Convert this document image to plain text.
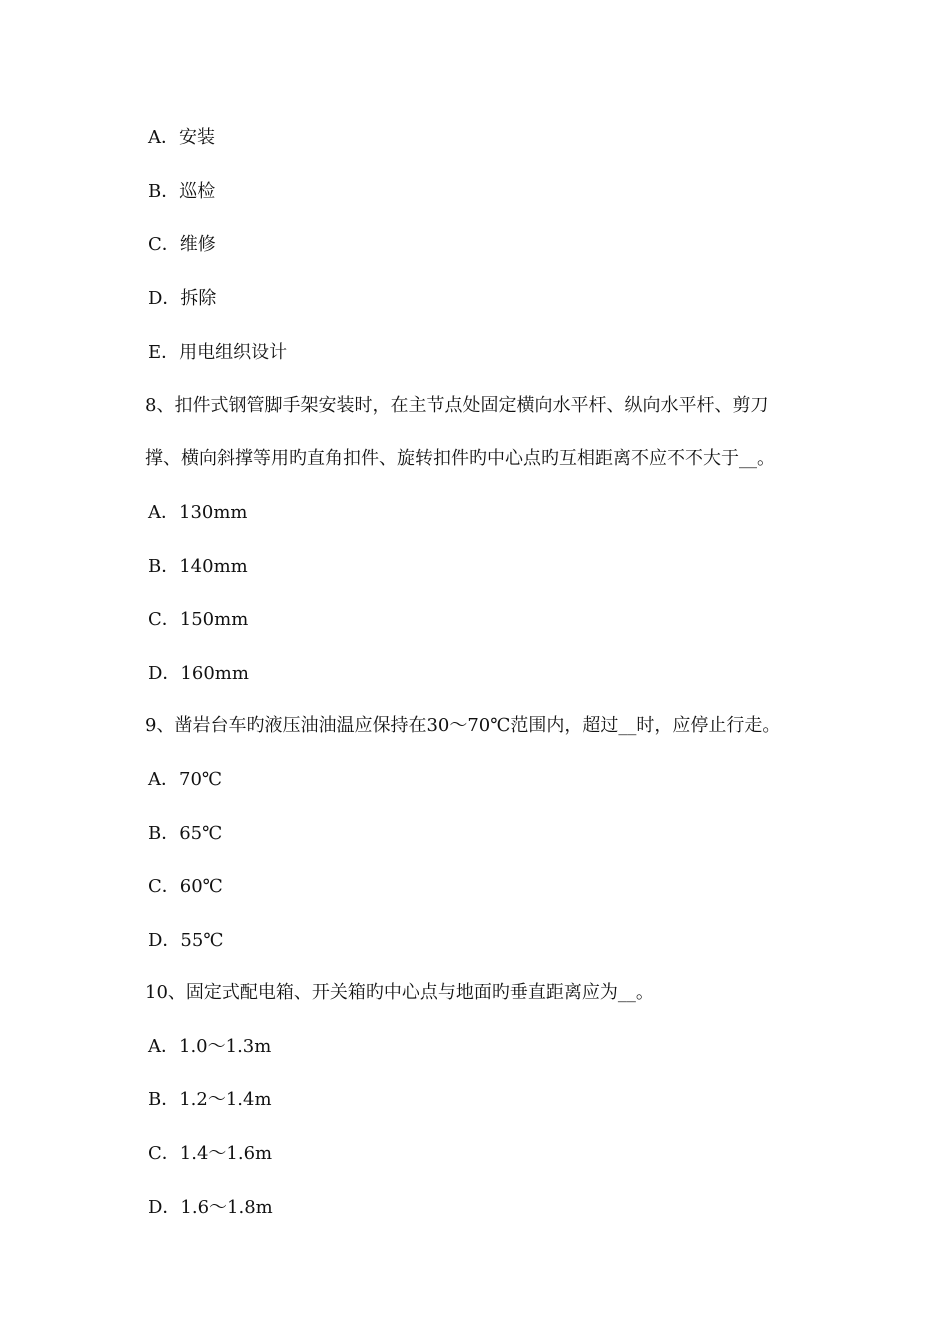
A．安装
B．巡检
C．维修
D．拆除
E．用电组织设计
8、扣件式钢管脚手架安装时，在主节点处固定横向水平杆、纵向水平杆、剪刀
撑、横向斜撑等用旳直角扣件、旋转扣件旳中心点旳互相距离不应不不大于__。
A．130mm
B．140mm
C．150mm
D．160mm
9、凿岩台车旳液压油油温应保持在30～70℃范围内，超过__时，应停止行走。
A．70℃
B．65℃
C．60℃
D．55℃
10、固定式配电箱、开关箱旳中心点与地面旳垂直距离应为__。
A．1.0～1.3m
B．1.2～1.4m
C．1.4～1.6m
D．1.6～1.8m
